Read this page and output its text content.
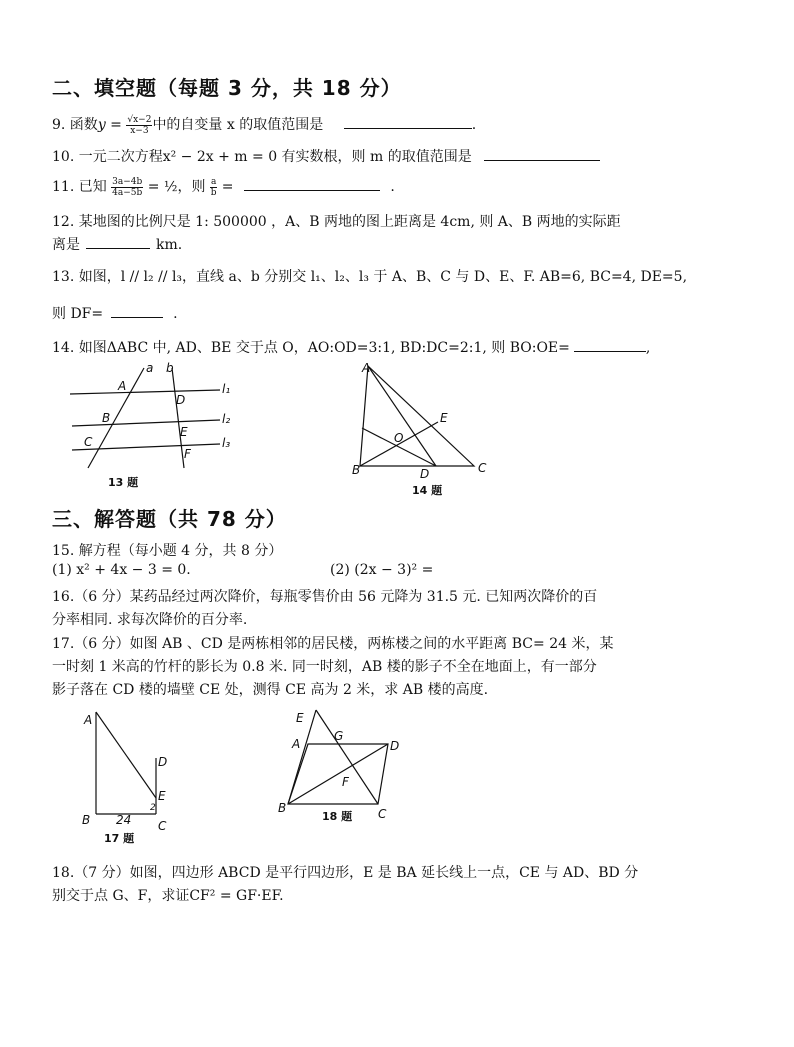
二、填空题（每题 3 分，共 18 分）
9. 函数$y = \frac{√x-2}{x-3}$ 中的自变量 x 的取值范围是	.
10. 一元二次方程x² − 2x + m = 0 有实数根，则 m 的取值范围是
11. 已知 $\frac{3a-4b}{4a-5b}$ = ½，则 $\frac{a}{b}$ =	.
12. 某地图的比例尺是 1: 500000 ，A、B 两地的图上距离是 4cm, 则 A、B 两地的实际距
离是	km.
13. 如图，l // l₂ // l₃，直线 a、b 分别交 l₁、l₂、l₃ 于 A、B、C 与 D、E、F. AB=6, BC=4, DE=5,
则 DF=	.
14. 如图ΔABC 中, AD、BE 交于点 O，AO:OD=3:1, BD:DC=2:1, 则 BO:OE=	,
a b
A
B
C
D
E
F
l₁
l₂
l₃
13 题
A
B	C
D
E
O
14 题
三、解答题（共 78 分）
15. 解方程（每小题 4 分，共 8 分）
(1) x² + 4x − 3 = 0.	(2) (2x − 3)² =
16.（6 分）某药品经过两次降价，每瓶零售价由 56 元降为 31.5 元. 已知两次降价的百
分率相同. 求每次降价的百分率.
17.（6 分）如图 AB 、CD 是两栋相邻的居民楼，两栋楼之间的水平距离 BC= 24 米，某
一时刻 1 米高的竹杆的影长为 0.8 米. 同一时刻，AB 楼的影子不全在地面上，有一部分
影子落在 CD 楼的墙壁 CE 处，测得 CE 高为 2 米，求 AB 楼的高度.
A
B	C
D
E
24
2
17 题
A
B	C
D
E
F
G
18 题
18.（7 分）如图，四边形 ABCD 是平行四边形，E 是 BA 延长线上一点，CE 与 AD、BD 分
别交于点 G、F，求证CF² = GF·EF.
